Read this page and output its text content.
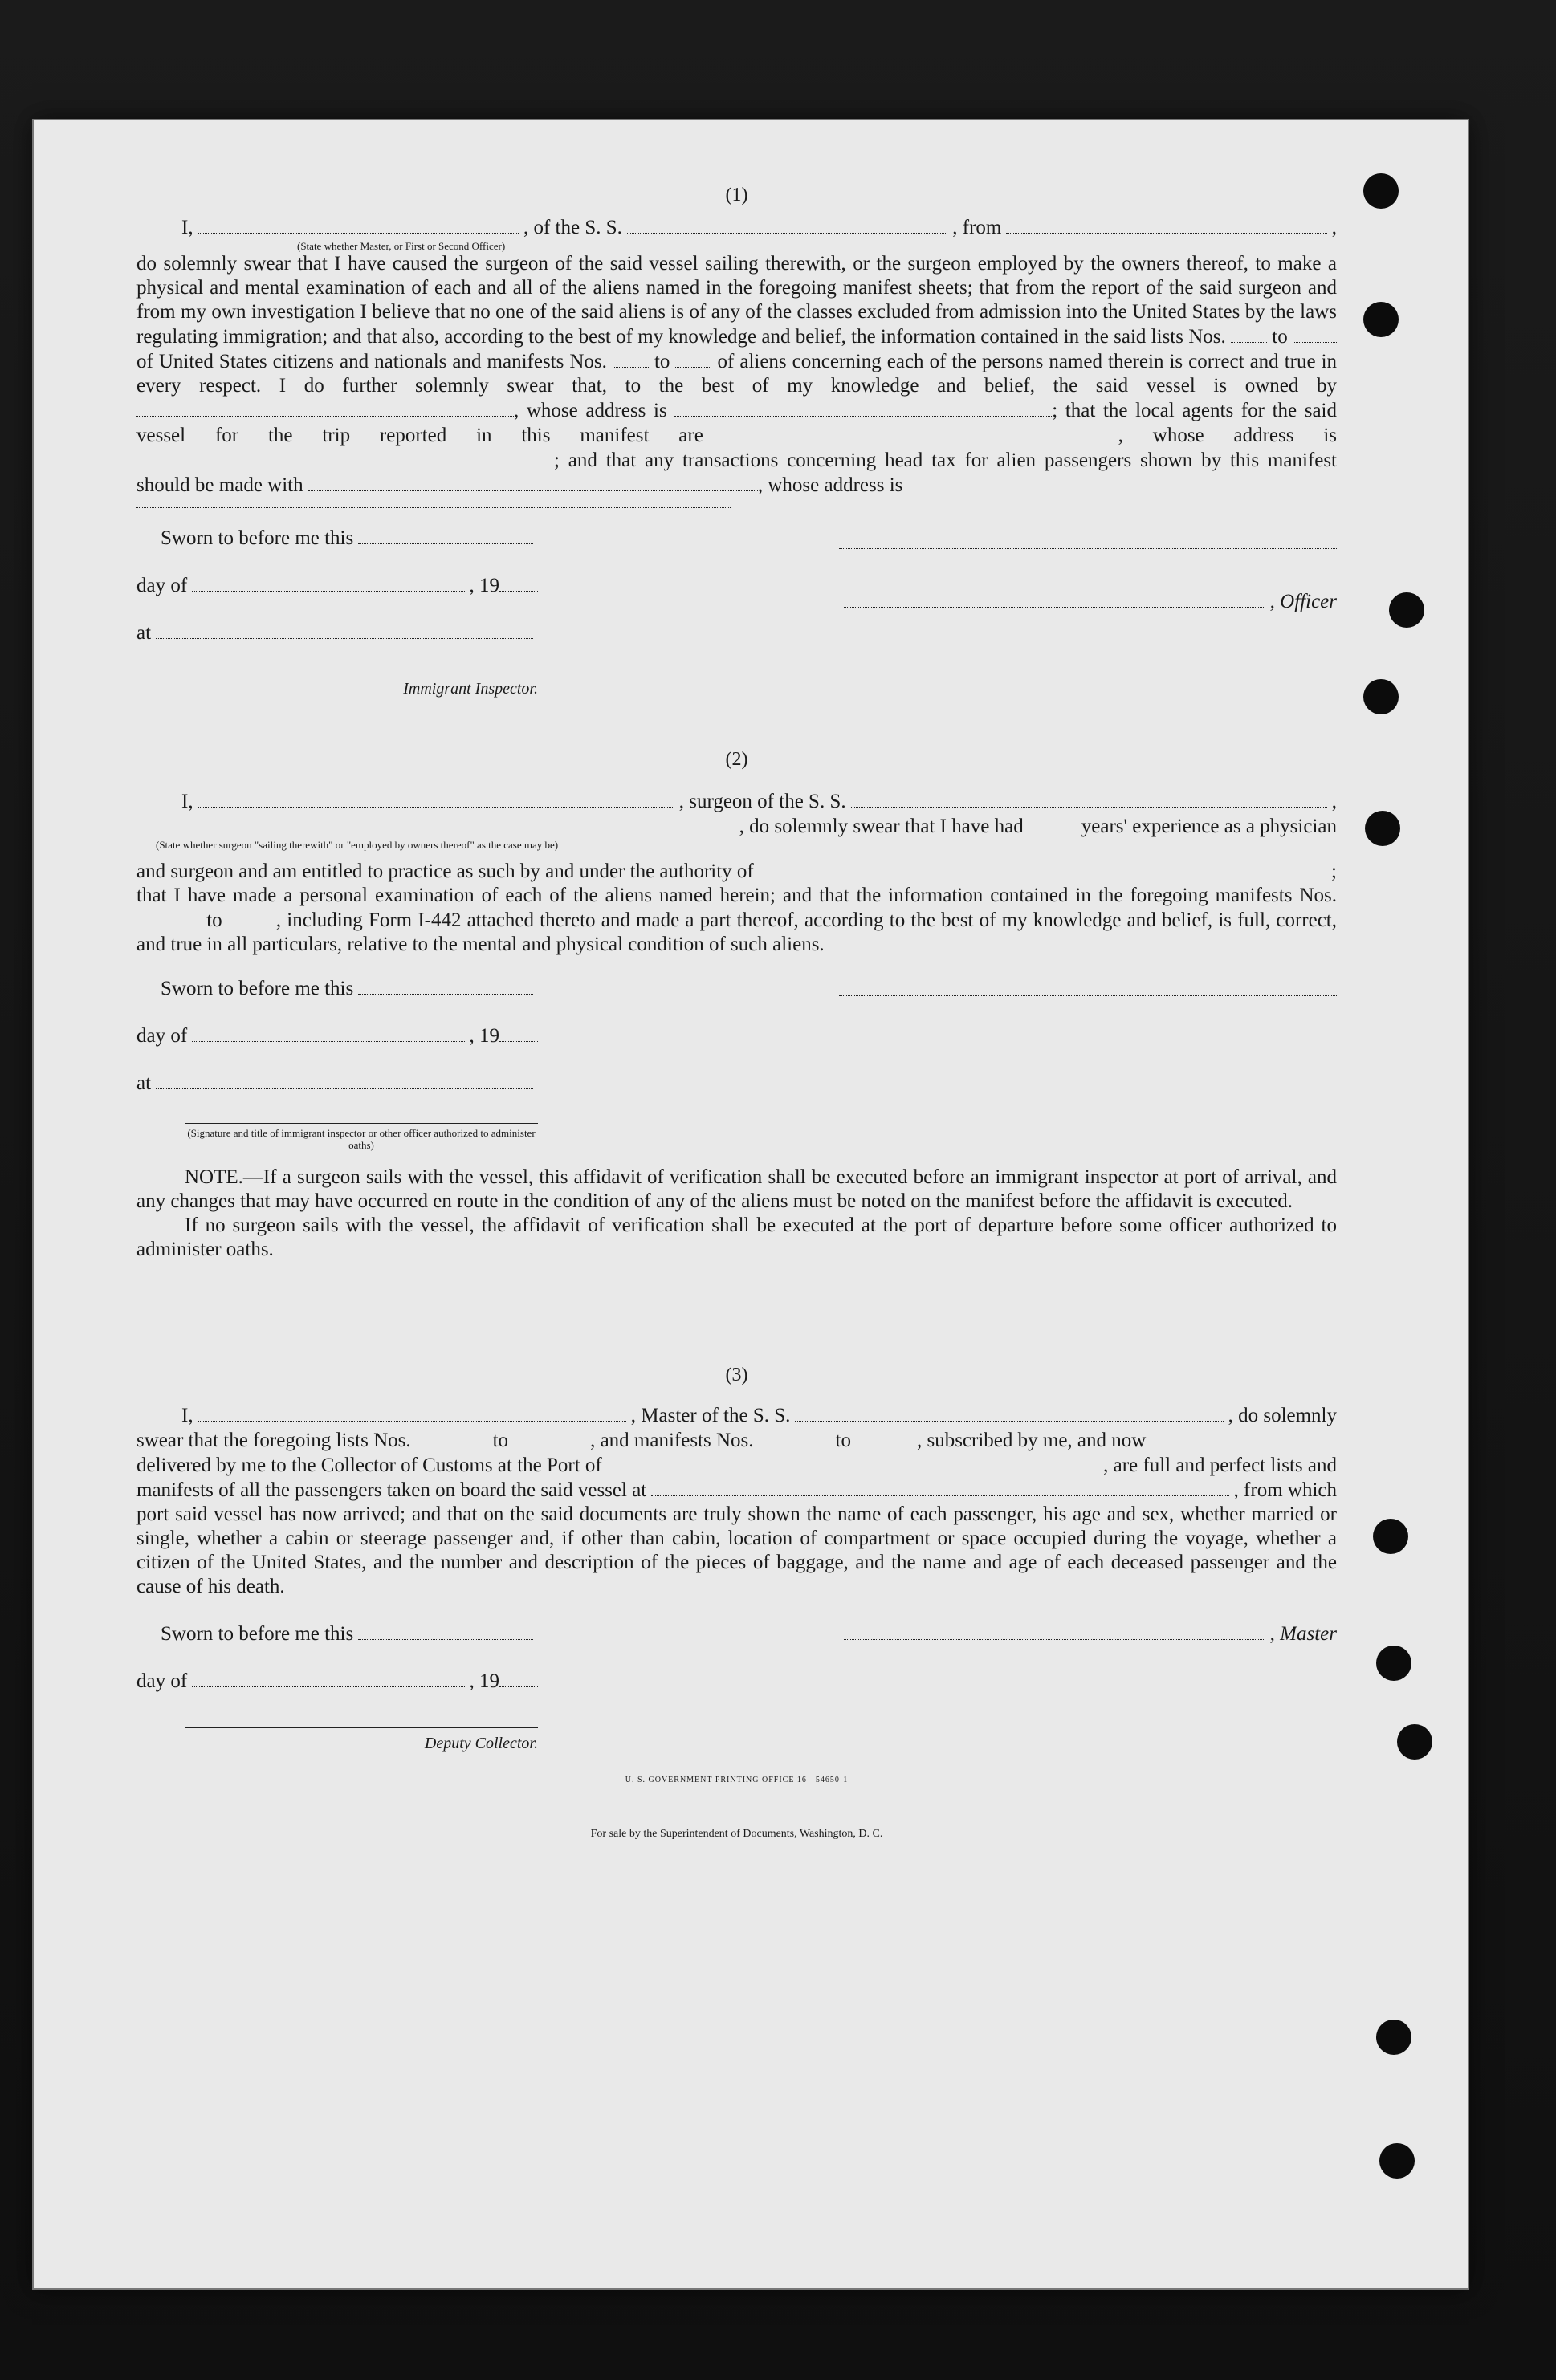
(1)
I,	, of the S. S.	, from	,
(State whether Master, or First or Second Officer)

do solemnly swear that I have caused the surgeon of the said vessel sailing therewith, or the surgeon employed by the owners thereof, to make a physical and mental examination of each and all of the aliens named in the foregoing manifest sheets; that from the report of the said surgeon and from my own investigation I believe that no one of the said aliens is of any of the classes excluded from admission into the United States by the laws regulating immigration; and that also, according to the best of my knowledge and belief, the information contained in the said lists Nos. to  of United States citizens and nationals and manifests Nos. to of aliens concerning each of the persons named therein is correct and true in every respect. I do further solemnly swear that, to the best of my knowledge and belief, the said vessel is owned by , whose address is	; that the local agents for the said vessel for the trip reported in this manifest are	, whose address is ; and that any transactions concerning head tax for alien passengers shown by this manifest should be made with	, whose address is

Sworn to before me this
day of	, 19
at
Immigrant Inspector.
, Officer
(2)
I,	, surgeon of the S. S.	,
, do solemnly swear that I have had	years' experience as a physician
(State whether surgeon "sailing therewith" or "employed by owners thereof" as the case may be)
and surgeon and am entitled to practice as such by and under the authority of	;

that I have made a personal examination of each of the aliens named herein; and that the information contained in the foregoing manifests Nos.  to	, including Form I-442 attached thereto and made a part thereof, according to the best of my knowledge and belief, is full, correct, and true in all particulars, relative to the mental and physical condition of such aliens.

Sworn to before me this
day of	, 19
at
(Signature and title of immigrant inspector or other officer authorized to administer oaths)

NOTE.—If a surgeon sails with the vessel, this affidavit of verification shall be executed before an immigrant inspector at port of arrival, and any changes that may have occurred en route in the condition of any of the aliens must be noted on the manifest before the affidavit is executed.

If no surgeon sails with the vessel, the affidavit of verification shall be executed at the port of departure before some officer authorized to administer oaths.

(3)
I,	, Master of the S. S.	, do solemnly
swear that the foregoing lists Nos.	to	, and manifests Nos.	to	, subscribed by me, and now
delivered by me to the Collector of Customs at the Port of	, are full and perfect lists and
manifests of all the passengers taken on board the said vessel at	, from which

port said vessel has now arrived; and that on the said documents are truly shown the name of each passenger, his age and sex, whether married or single, whether a cabin or steerage passenger and, if other than cabin, location of compartment or space occupied during the voyage, whether a citizen of the United States, and the number and description of the pieces of baggage, and the name and age of each deceased passenger and the cause of his death.

Sworn to before me this
day of	, 19
Deputy Collector.
, Master
U. S. GOVERNMENT PRINTING OFFICE 16—54650-1
For sale by the Superintendent of Documents, Washington, D. C.
